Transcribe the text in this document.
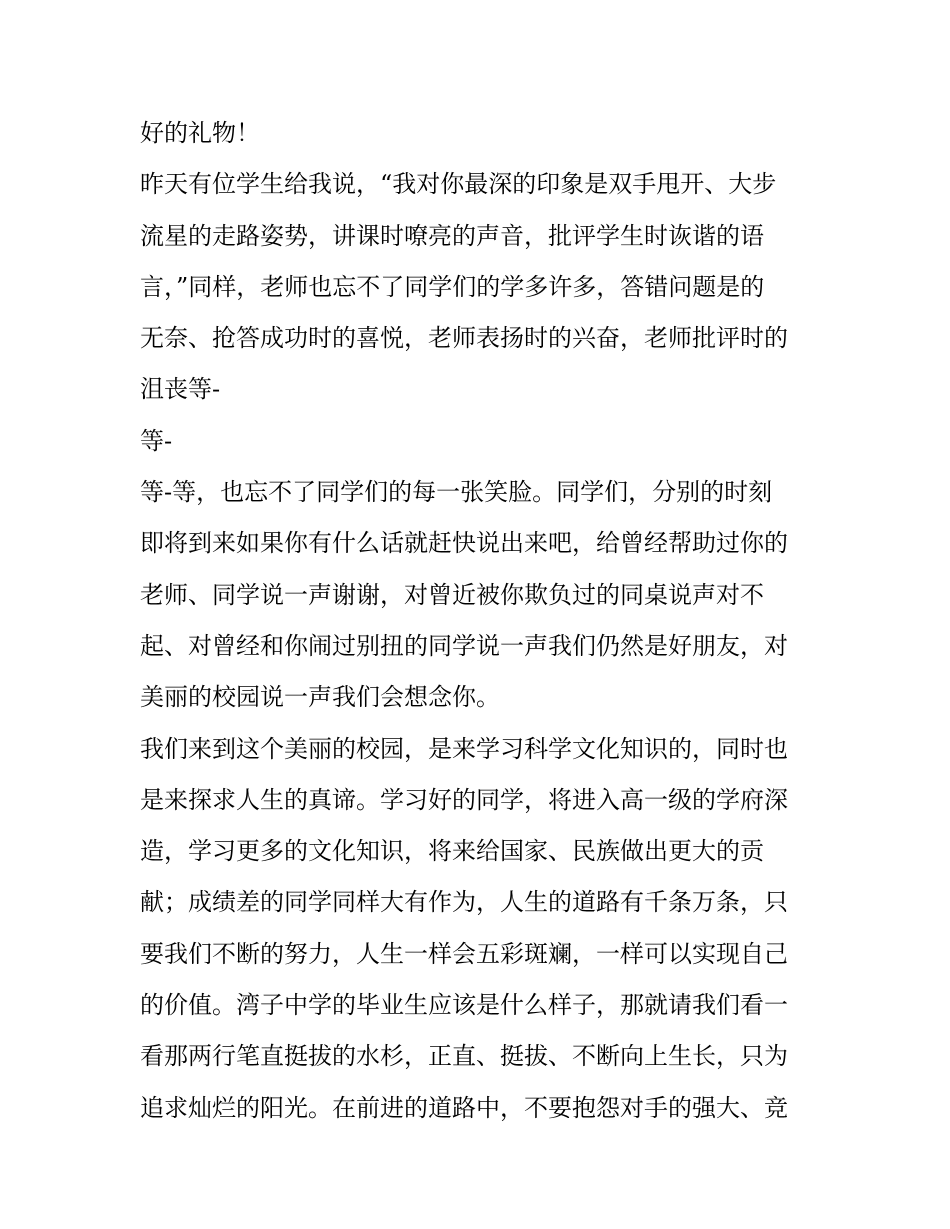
好的礼物！
昨天有位学生给我说，“我对你最深的印象是双手甩开、大步
流星的走路姿势，讲课时嘹亮的声音，批评学生时诙谐的语
言，”同样，老师也忘不了同学们的学多许多，答错问题是的
无奈、抢答成功时的喜悦，老师表扬时的兴奋，老师批评时的
沮丧等-
等-
等-等，也忘不了同学们的每一张笑脸。同学们，分别的时刻
即将到来如果你有什么话就赶快说出来吧，给曾经帮助过你的
老师、同学说一声谢谢，对曾近被你欺负过的同桌说声对不
起、对曾经和你闹过别扭的同学说一声我们仍然是好朋友，对
美丽的校园说一声我们会想念你。
我们来到这个美丽的校园，是来学习科学文化知识的，同时也
是来探求人生的真谛。学习好的同学，将进入高一级的学府深
造，学习更多的文化知识，将来给国家、民族做出更大的贡
献；成绩差的同学同样大有作为，人生的道路有千条万条，只
要我们不断的努力，人生一样会五彩斑斓，一样可以实现自己
的价值。湾子中学的毕业生应该是什么样子，那就请我们看一
看那两行笔直挺拔的水杉，正直、挺拔、不断向上生长，只为
追求灿烂的阳光。在前进的道路中，不要抱怨对手的强大、竞
